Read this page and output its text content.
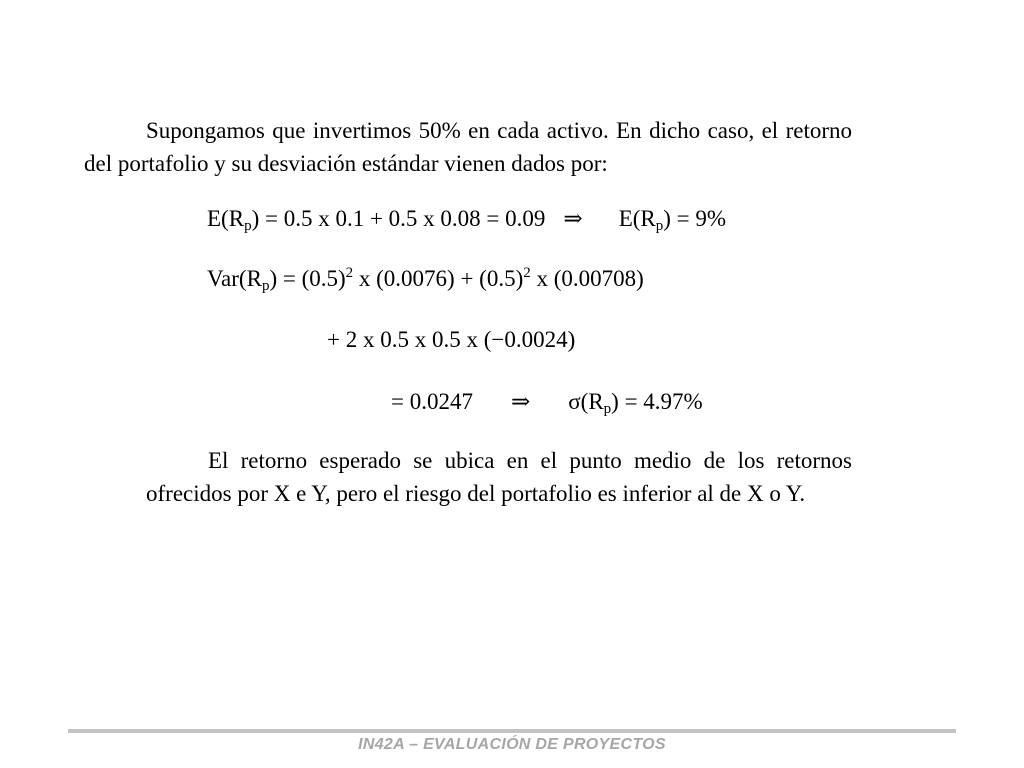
Supongamos que invertimos 50% en cada activo. En dicho caso, el retorno del portafolio y su desviación estándar vienen dados por:

$E(R_p) = 0.5$ x 0.1 + 0.5 x 0.08 = 0.09 ⇒ $E(R_p) = 9\%$
$Var(R_p) = (0.5)^2$ x $(0.0076) + (0.5)^2$ x (0.00708)
+ 2 x 0.5 x 0.5 x (−0.0024)
= 0.0247 ⇒ $\sigma(R_p) = 4.97\%$

El retorno esperado se ubica en el punto medio de los retornos ofrecidos por X e Y, pero el riesgo del portafolio es inferior al de X o Y.

IN42A – EVALUACIÓN DE PROYECTOS
